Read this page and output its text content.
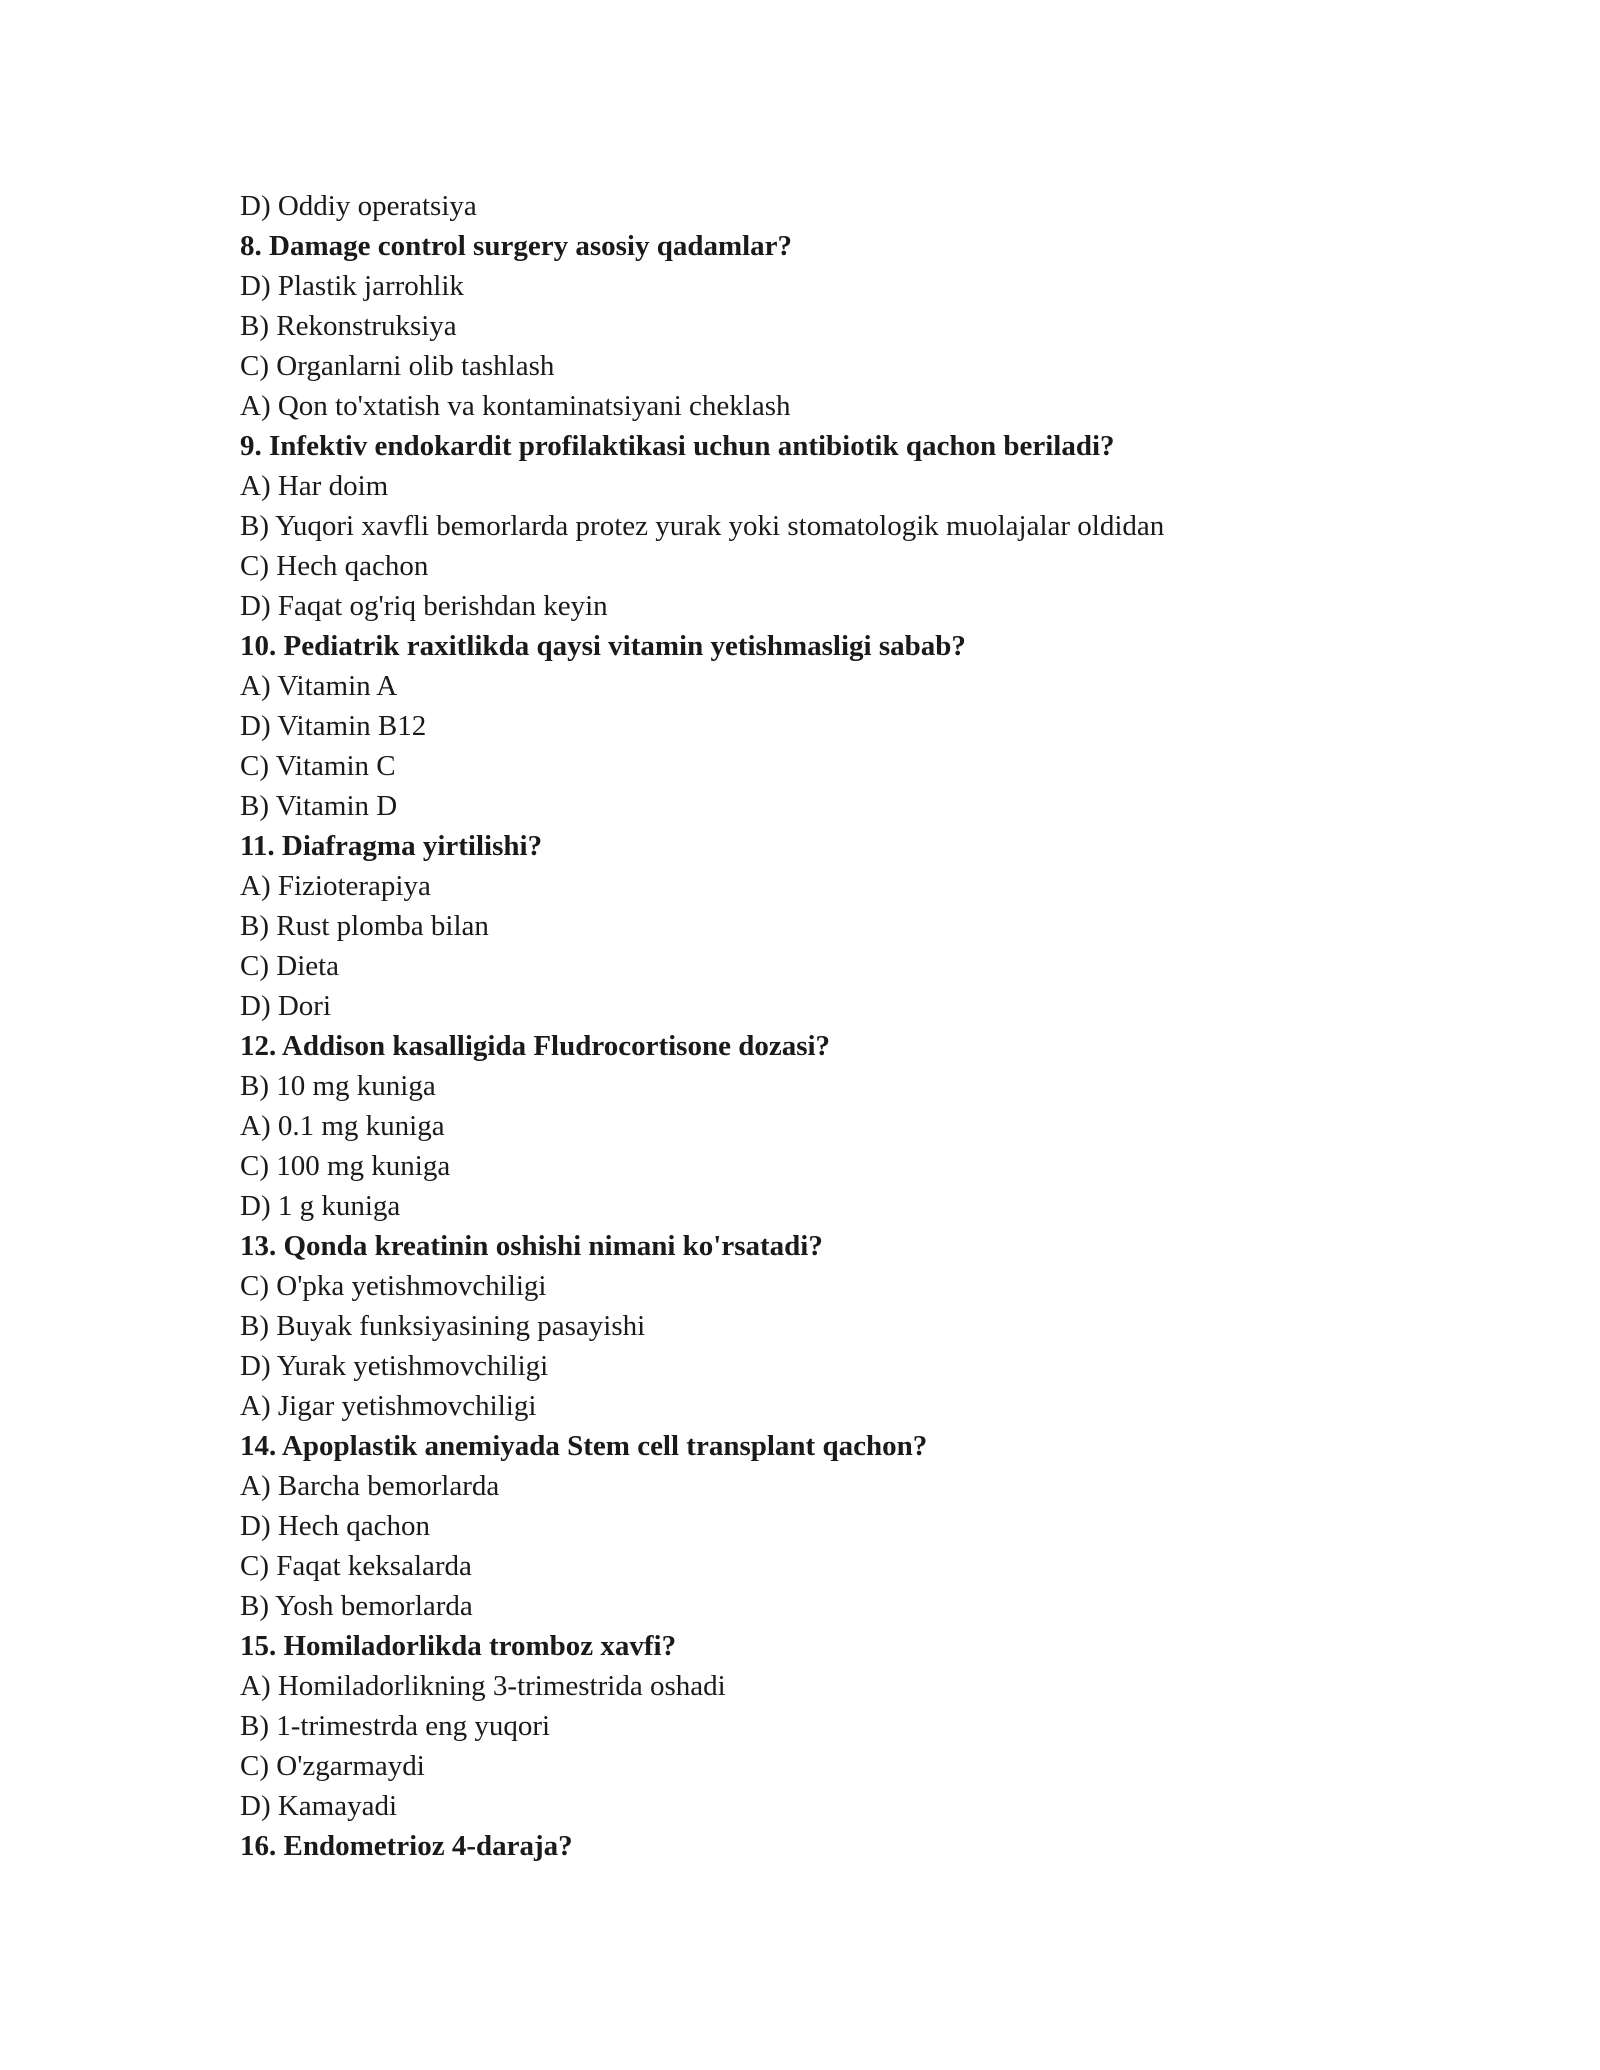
D) Oddiy operatsiya
8. Damage control surgery asosiy qadamlar?
D) Plastik jarrohlik
B) Rekonstruksiya
C) Organlarni olib tashlash
A) Qon to'xtatish va kontaminatsiyani cheklash
9. Infektiv endokardit profilaktikasi uchun antibiotik qachon beriladi?
A) Har doim
B) Yuqori xavfli bemorlarda protez yurak yoki stomatologik muolajalar oldidan
C) Hech qachon
D) Faqat og'riq berishdan keyin
10. Pediatrik raxitlikda qaysi vitamin yetishmasligi sabab?
A) Vitamin A
D) Vitamin B12
C) Vitamin C
B) Vitamin D
11. Diafragma yirtilishi?
A) Fizioterapiya
B) Rust plomba bilan
C) Dieta
D) Dori
12. Addison kasalligida Fludrocortisone dozasi?
B) 10 mg kuniga
A) 0.1 mg kuniga
C) 100 mg kuniga
D) 1 g kuniga
13. Qonda kreatinin oshishi nimani ko'rsatadi?
C) O'pka yetishmovchiligi
B) Buyak funksiyasining pasayishi
D) Yurak yetishmovchiligi
A) Jigar yetishmovchiligi
14. Apoplastik anemiyada Stem cell transplant qachon?
A) Barcha bemorlarda
D) Hech qachon
C) Faqat keksalarda
B) Yosh bemorlarda
15. Homiladorlikda tromboz xavfi?
A) Homiladorlikning 3-trimestrida oshadi
B) 1-trimestrda eng yuqori
C) O'zgarmaydi
D) Kamayadi
16. Endometrioz 4-daraja?
